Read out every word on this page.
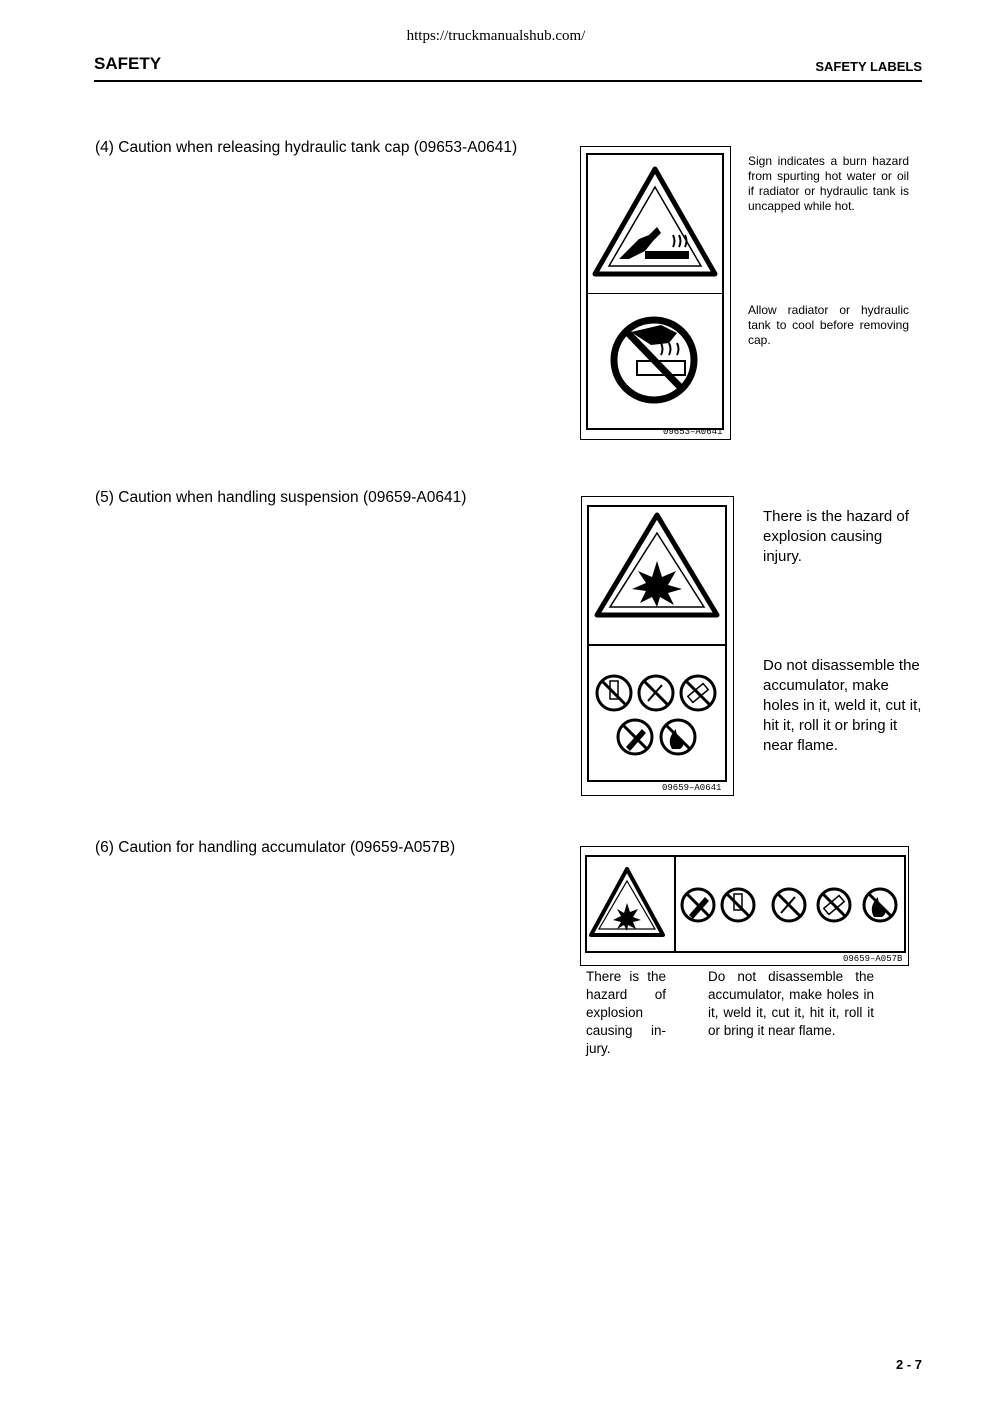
https://truckmanualshub.com/
SAFETY	SAFETY LABELS
(4) Caution when releasing hydraulic tank cap (09653-A0641)
09653–A0641
Sign indicates a burn hazard from spurting hot water or oil if radiator or hydraulic tank is uncapped while hot.
Allow radiator or hydraulic tank to cool before removing cap.
(5) Caution when handling suspension (09659-A0641)
09659–A0641
There is the hazard of explosion causing injury.
Do not disassemble the accumulator, make holes in it, weld it, cut it, hit it, roll it or bring it near flame.
(6) Caution for handling accumulator (09659-A057B)
09659–A057B
There is the hazard of explosion causing in-jury.
Do not disassemble the accumulator, make holes in it, weld it, cut it, hit it, roll it or bring it near flame.
2 - 7
